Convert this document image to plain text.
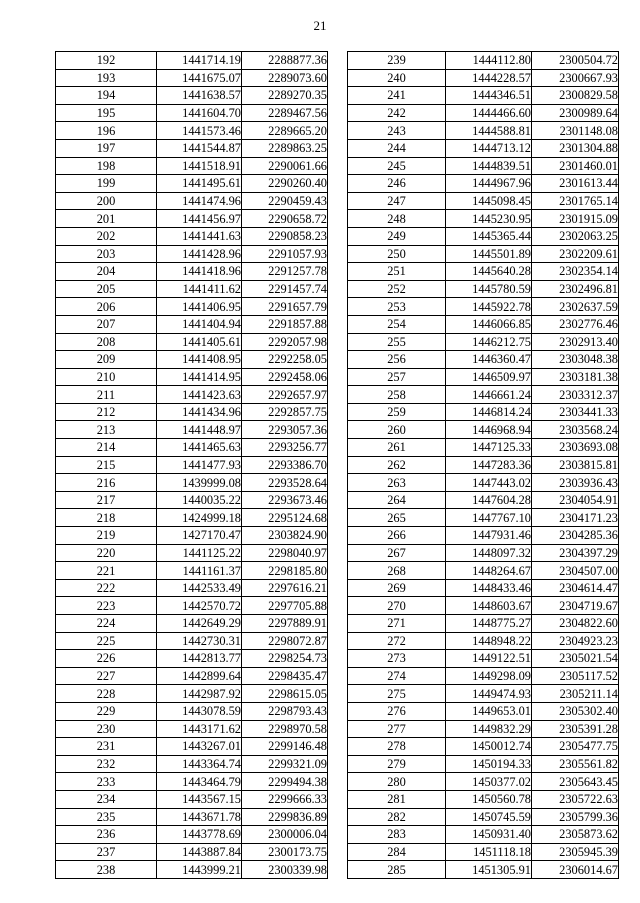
21
192	1441714.19	2288877.36
193	1441675.07	2289073.60
194	1441638.57	2289270.35
195	1441604.70	2289467.56
196	1441573.46	2289665.20
197	1441544.87	2289863.25
198	1441518.91	2290061.66
199	1441495.61	2290260.40
200	1441474.96	2290459.43
201	1441456.97	2290658.72
202	1441441.63	2290858.23
203	1441428.96	2291057.93
204	1441418.96	2291257.78
205	1441411.62	2291457.74
206	1441406.95	2291657.79
207	1441404.94	2291857.88
208	1441405.61	2292057.98
209	1441408.95	2292258.05
210	1441414.95	2292458.06
211	1441423.63	2292657.97
212	1441434.96	2292857.75
213	1441448.97	2293057.36
214	1441465.63	2293256.77
215	1441477.93	2293386.70
216	1439999.08	2293528.64
217	1440035.22	2293673.46
218	1424999.18	2295124.68
219	1427170.47	2303824.90
220	1441125.22	2298040.97
221	1441161.37	2298185.80
222	1442533.49	2297616.21
223	1442570.72	2297705.88
224	1442649.29	2297889.91
225	1442730.31	2298072.87
226	1442813.77	2298254.73
227	1442899.64	2298435.47
228	1442987.92	2298615.05
229	1443078.59	2298793.43
230	1443171.62	2298970.58
231	1443267.01	2299146.48
232	1443364.74	2299321.09
233	1443464.79	2299494.38
234	1443567.15	2299666.33
235	1443671.78	2299836.89
236	1443778.69	2300006.04
237	1443887.84	2300173.75
238	1443999.21	2300339.98
239	1444112.80	2300504.72
240	1444228.57	2300667.93
241	1444346.51	2300829.58
242	1444466.60	2300989.64
243	1444588.81	2301148.08
244	1444713.12	2301304.88
245	1444839.51	2301460.01
246	1444967.96	2301613.44
247	1445098.45	2301765.14
248	1445230.95	2301915.09
249	1445365.44	2302063.25
250	1445501.89	2302209.61
251	1445640.28	2302354.14
252	1445780.59	2302496.81
253	1445922.78	2302637.59
254	1446066.85	2302776.46
255	1446212.75	2302913.40
256	1446360.47	2303048.38
257	1446509.97	2303181.38
258	1446661.24	2303312.37
259	1446814.24	2303441.33
260	1446968.94	2303568.24
261	1447125.33	2303693.08
262	1447283.36	2303815.81
263	1447443.02	2303936.43
264	1447604.28	2304054.91
265	1447767.10	2304171.23
266	1447931.46	2304285.36
267	1448097.32	2304397.29
268	1448264.67	2304507.00
269	1448433.46	2304614.47
270	1448603.67	2304719.67
271	1448775.27	2304822.60
272	1448948.22	2304923.23
273	1449122.51	2305021.54
274	1449298.09	2305117.52
275	1449474.93	2305211.14
276	1449653.01	2305302.40
277	1449832.29	2305391.28
278	1450012.74	2305477.75
279	1450194.33	2305561.82
280	1450377.02	2305643.45
281	1450560.78	2305722.63
282	1450745.59	2305799.36
283	1450931.40	2305873.62
284	1451118.18	2305945.39
285	1451305.91	2306014.67
